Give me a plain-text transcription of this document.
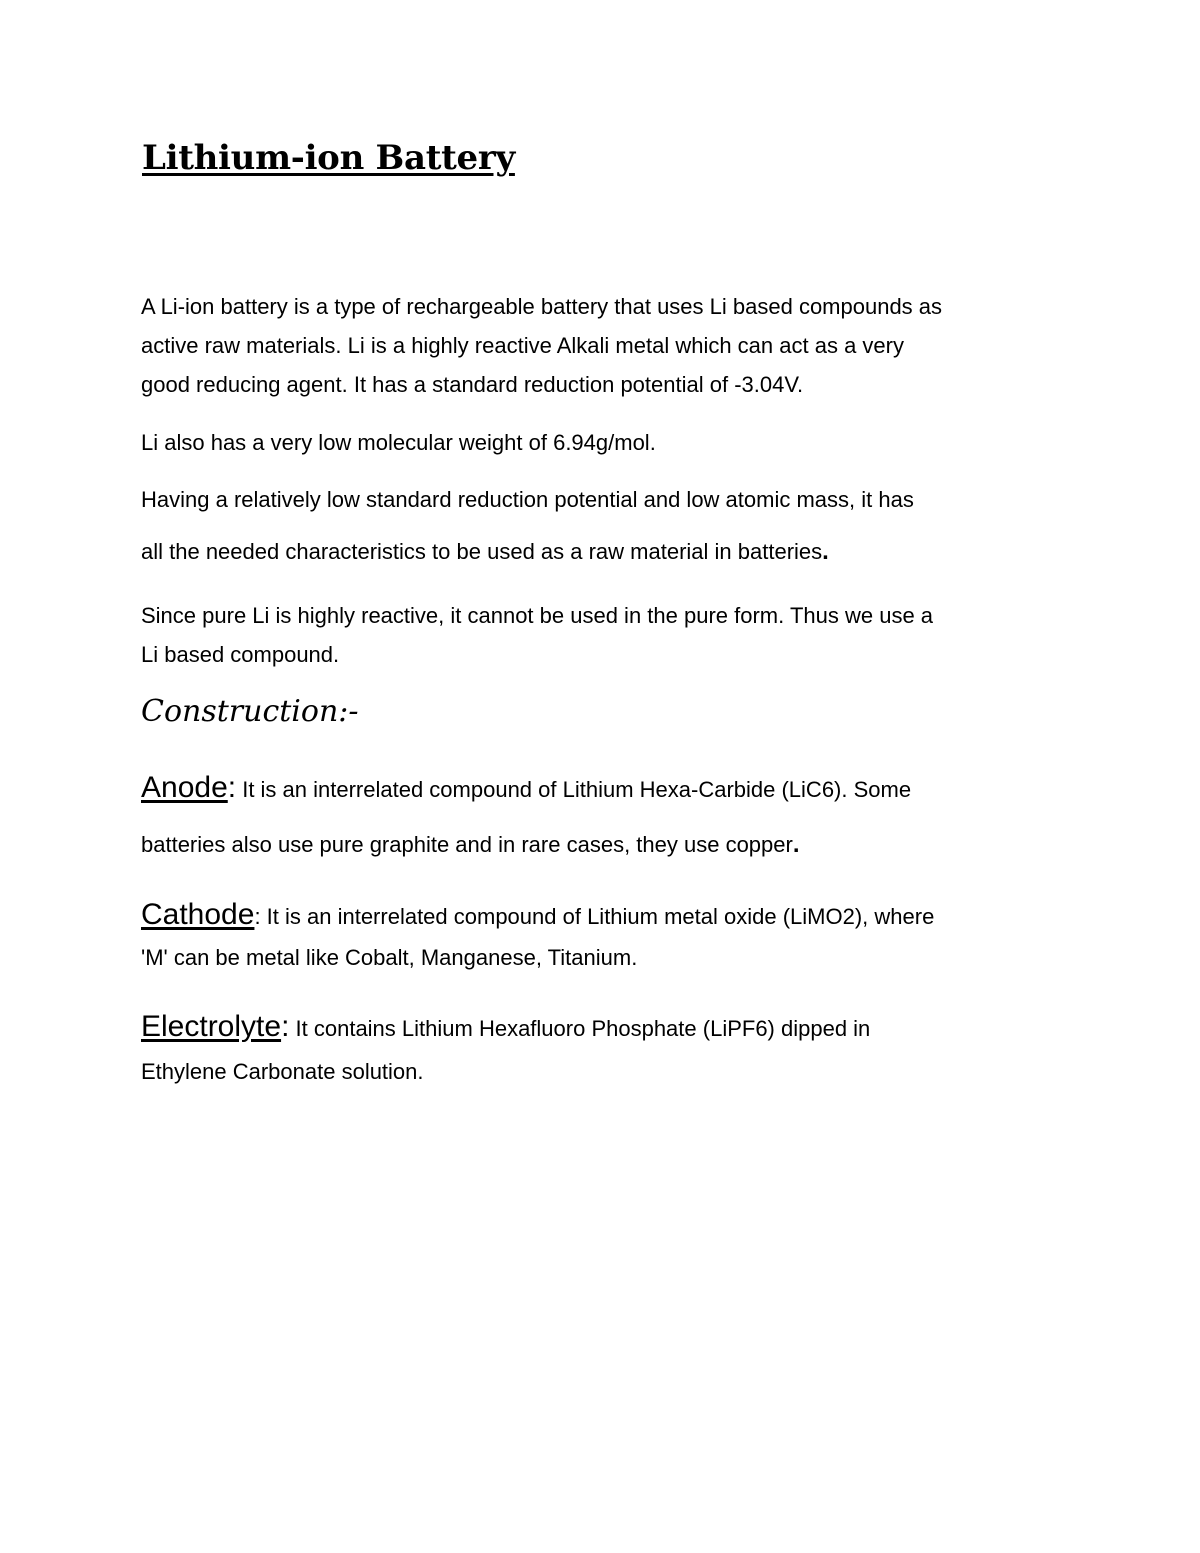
Lithium-ion Battery

A Li-ion battery is a type of rechargeable battery that uses Li based compounds as
active raw materials. Li is a highly reactive Alkali metal which can act as a very
good reducing agent. It has a standard reduction potential of -3.04V.

Li also has a very low molecular weight of 6.94g/mol.

Having a relatively low standard reduction potential and low atomic mass, it has
all the needed characteristics to be used as a raw material in batteries.

Since pure Li is highly reactive, it cannot be used in the pure form. Thus we use a
Li based compound.

Construction:-

Anode: It is an interrelated compound of Lithium Hexa-Carbide (LiC6). Some
batteries also use pure graphite and in rare cases, they use copper.

Cathode: It is an interrelated compound of Lithium metal oxide (LiMO2), where
'M' can be metal like Cobalt, Manganese, Titanium.

Electrolyte: It contains Lithium Hexafluoro Phosphate (LiPF6) dipped in
Ethylene Carbonate solution.
